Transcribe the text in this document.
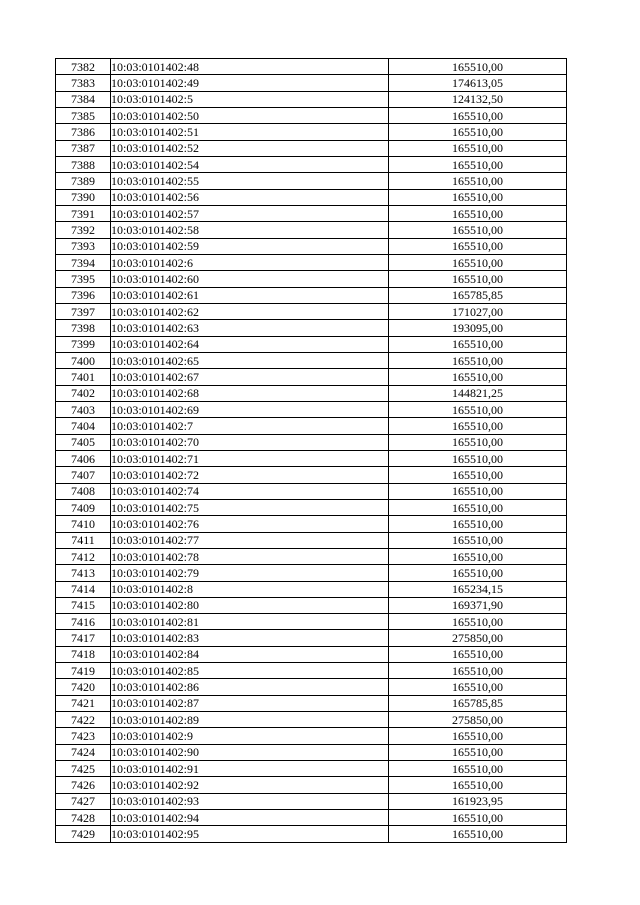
7382	10:03:0101402:48	165510,00
7383	10:03:0101402:49	174613,05
7384	10:03:0101402:5	124132,50
7385	10:03:0101402:50	165510,00
7386	10:03:0101402:51	165510,00
7387	10:03:0101402:52	165510,00
7388	10:03:0101402:54	165510,00
7389	10:03:0101402:55	165510,00
7390	10:03:0101402:56	165510,00
7391	10:03:0101402:57	165510,00
7392	10:03:0101402:58	165510,00
7393	10:03:0101402:59	165510,00
7394	10:03:0101402:6	165510,00
7395	10:03:0101402:60	165510,00
7396	10:03:0101402:61	165785,85
7397	10:03:0101402:62	171027,00
7398	10:03:0101402:63	193095,00
7399	10:03:0101402:64	165510,00
7400	10:03:0101402:65	165510,00
7401	10:03:0101402:67	165510,00
7402	10:03:0101402:68	144821,25
7403	10:03:0101402:69	165510,00
7404	10:03:0101402:7	165510,00
7405	10:03:0101402:70	165510,00
7406	10:03:0101402:71	165510,00
7407	10:03:0101402:72	165510,00
7408	10:03:0101402:74	165510,00
7409	10:03:0101402:75	165510,00
7410	10:03:0101402:76	165510,00
7411	10:03:0101402:77	165510,00
7412	10:03:0101402:78	165510,00
7413	10:03:0101402:79	165510,00
7414	10:03:0101402:8	165234,15
7415	10:03:0101402:80	169371,90
7416	10:03:0101402:81	165510,00
7417	10:03:0101402:83	275850,00
7418	10:03:0101402:84	165510,00
7419	10:03:0101402:85	165510,00
7420	10:03:0101402:86	165510,00
7421	10:03:0101402:87	165785,85
7422	10:03:0101402:89	275850,00
7423	10:03:0101402:9	165510,00
7424	10:03:0101402:90	165510,00
7425	10:03:0101402:91	165510,00
7426	10:03:0101402:92	165510,00
7427	10:03:0101402:93	161923,95
7428	10:03:0101402:94	165510,00
7429	10:03:0101402:95	165510,00
